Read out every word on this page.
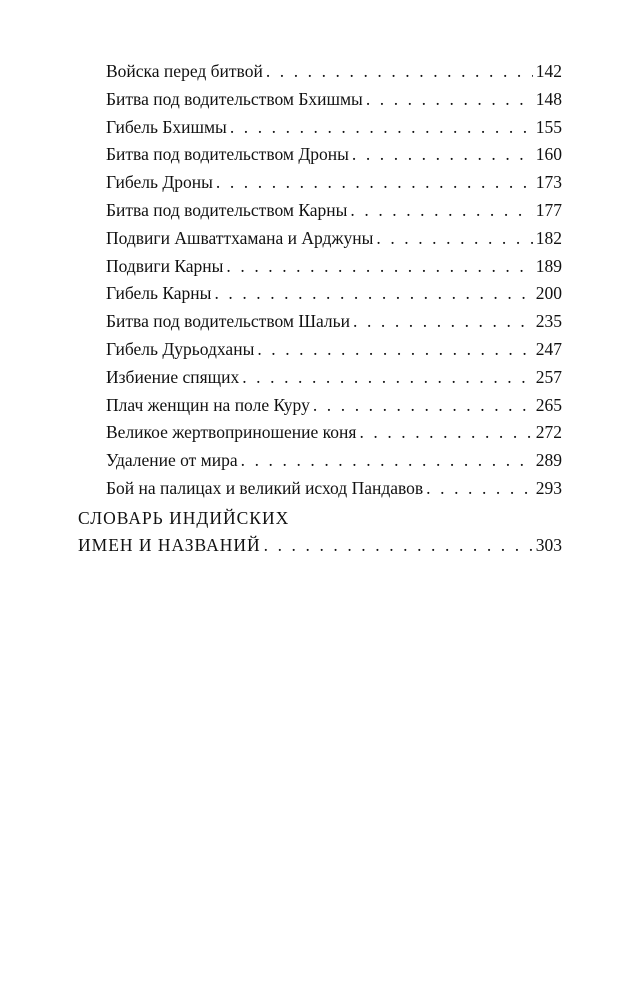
Войска перед битвой . . .	142
Битва под водительством Бхишмы . . .	148
Гибель Бхишмы . . .	155
Битва под водительством Дроны . . .	160
Гибель Дроны . . .	173
Битва под водительством Карны . . .	177
Подвиги Ашваттхамана и Арджуны . . .	182
Подвиги Карны . . .	189
Гибель Карны . . .	200
Битва под водительством Шальи . . .	235
Гибель Дурьодханы . . .	247
Избиение спящих . . .	257
Плач женщин на поле Куру . . .	265
Великое жертвоприношение коня . . .	272
Удаление от мира . . .	289
Бой на палицах и великий исход Пандавов . . .	293
СЛОВАРЬ ИНДИЙСКИХ
ИМЕН И НАЗВАНИЙ . . .	303
